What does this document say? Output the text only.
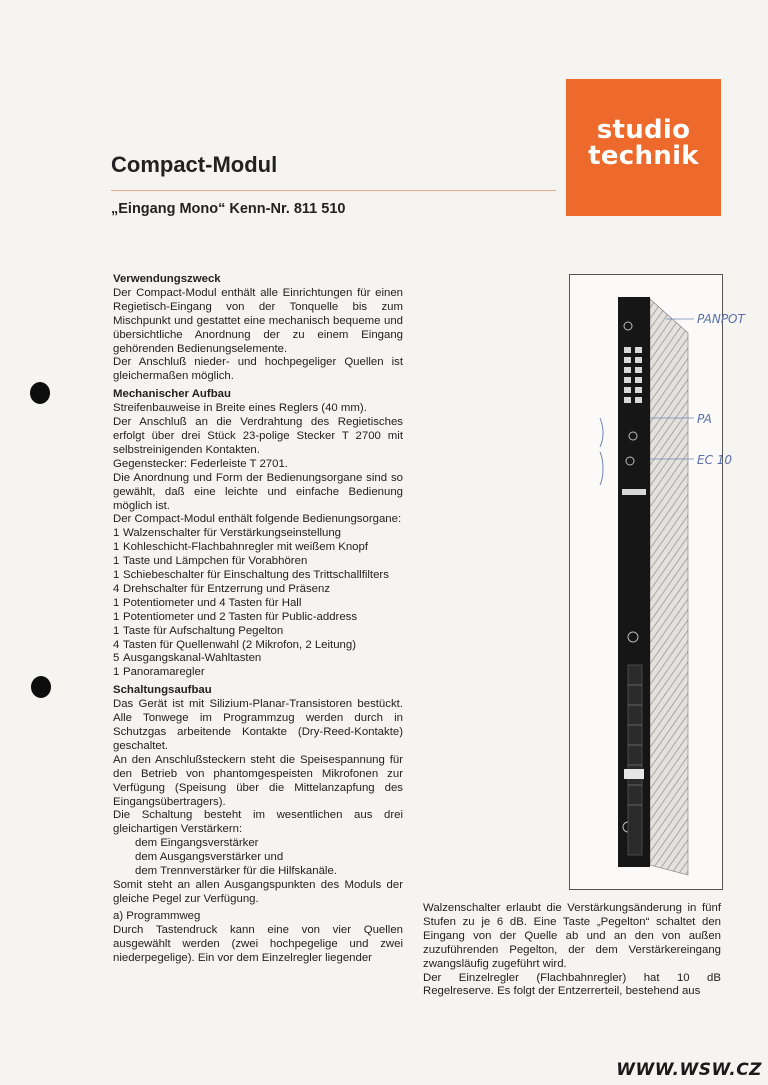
studio
technik
Compact-Modul
„Eingang Mono“ Kenn-Nr. 811 510
Verwendungszweck

Der Compact-Modul enthält alle Einrichtungen für einen Regietisch-Eingang von der Tonquelle bis zum Mischpunkt und gestattet eine mechanisch bequeme und übersichtliche Anordnung der zu einem Eingang gehörenden Bedienungselemente.

Der Anschluß nieder- und hochpegeliger Quellen ist gleichermaßen möglich.

Mechanischer Aufbau

Streifenbauweise in Breite eines Reglers (40 mm).

Der Anschluß an die Verdrahtung des Regietisches erfolgt über drei Stück 23-polige Stecker T 2700 mit selbstreinigenden Kontakten.

Gegenstecker: Federleiste T 2701.

Die Anordnung und Form der Bedienungsorgane sind so gewählt, daß eine leichte und einfache Bedienung möglich ist.

Der Compact-Modul enthält folgende Bedienungsorgane:

1 Walzenschalter für Verstärkungseinstellung
1 Kohleschicht-Flachbahnregler mit weißem Knopf
1 Taste und Lämpchen für Vorabhören
1 Schiebeschalter für Einschaltung des Trittschallfilters
4 Drehschalter für Entzerrung und Präsenz
1 Potentiometer und 4 Tasten für Hall
1 Potentiometer und 2 Tasten für Public-address
1 Taste für Aufschaltung Pegelton
4 Tasten für Quellenwahl (2 Mikrofon, 2 Leitung)
5 Ausgangskanal-Wahltasten
1 Panoramaregler
Schaltungsaufbau

Das Gerät ist mit Silizium-Planar-Transistoren bestückt. Alle Tonwege im Programmzug werden durch in Schutzgas arbeitende Kontakte (Dry-Reed-Kontakte) geschaltet.

An den Anschlußsteckern steht die Speisespannung für den Betrieb von phantomgespeisten Mikrofonen zur Verfügung (Speisung über die Mittelanzapfung des Eingangsübertragers).

Die Schaltung besteht im wesentlichen aus drei gleichartigen Verstärkern:

dem Eingangsverstärker

dem Ausgangsverstärker und

dem Trennverstärker für die Hilfskanäle.

Somit steht an allen Ausgangspunkten des Moduls der gleiche Pegel zur Verfügung.

a) Programmweg

Durch Tastendruck kann eine von vier Quellen ausgewählt werden (zwei hochpegelige und zwei niederpegelige). Ein vor dem Einzelregler liegender

PANPOT
PA
EC 10

Walzenschalter erlaubt die Verstärkungsänderung in fünf Stufen zu je 6 dB. Eine Taste „Pegelton“ schaltet den Eingang von der Quelle ab und an den von außen zuzuführenden Pegelton, der dem Verstärkereingang zwangsläufig zugeführt wird.

Der Einzelregler (Flachbahnregler) hat 10 dB Regelreserve. Es folgt der Entzerrerteil, bestehend aus

WWW.WSW.CZ
